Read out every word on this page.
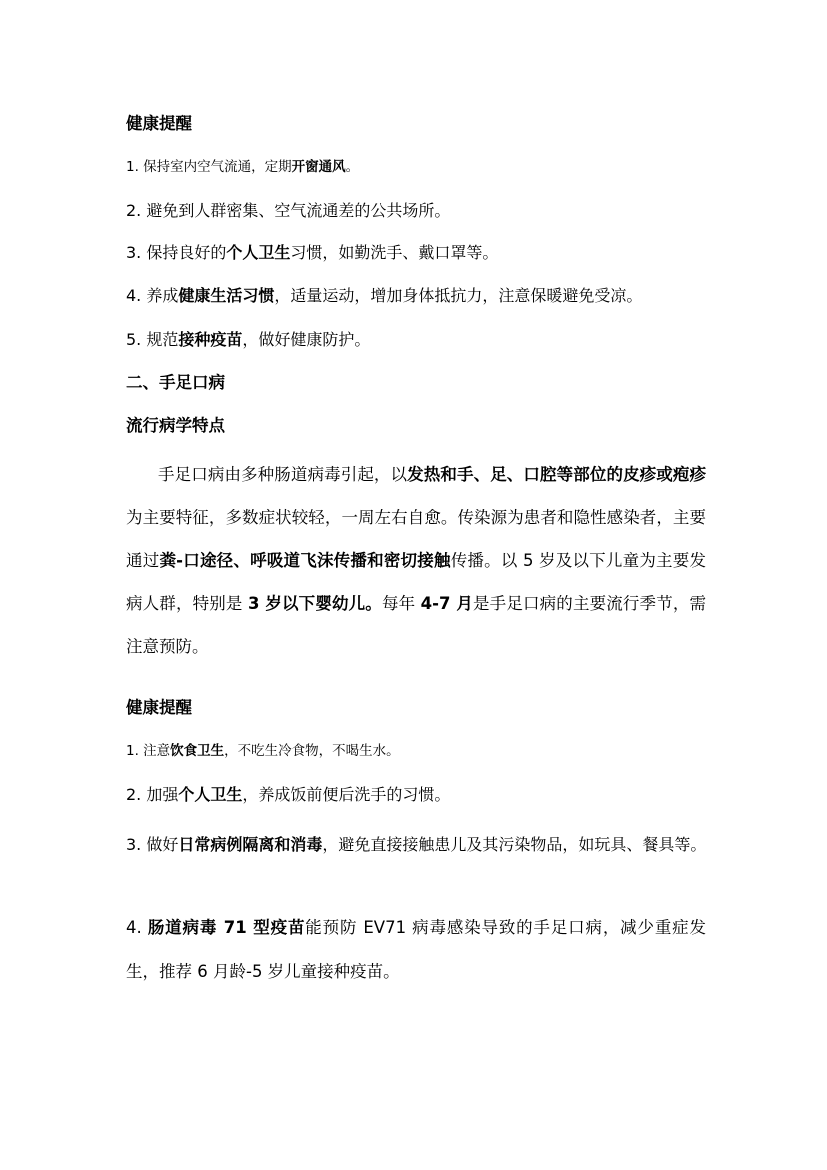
健康提醒
1. 保持室内空气流通，定期开窗通风。
2. 避免到人群密集、空气流通差的公共场所。
3. 保持良好的个人卫生习惯，如勤洗手、戴口罩等。
4. 养成健康生活习惯，适量运动，增加身体抵抗力，注意保暖避免受凉。
5. 规范接种疫苗，做好健康防护。
二、手足口病
流行病学特点
手足口病由多种肠道病毒引起，以发热和手、足、口腔等部位的皮疹或疱疹为主要特征，多数症状较轻，一周左右自愈。传染源为患者和隐性感染者，主要通过粪-口途径、呼吸道飞沫传播和密切接触传播。以 5 岁及以下儿童为主要发病人群，特别是 3 岁以下婴幼儿。每年 4-7 月是手足口病的主要流行季节，需注意预防。
健康提醒
1. 注意饮食卫生，不吃生冷食物，不喝生水。
2. 加强个人卫生，养成饭前便后洗手的习惯。
3. 做好日常病例隔离和消毒，避免直接接触患儿及其污染物品，如玩具、餐具等。
4. 肠道病毒 71 型疫苗能预防 EV71 病毒感染导致的手足口病，减少重症发生，推荐 6 月龄-5 岁儿童接种疫苗。
